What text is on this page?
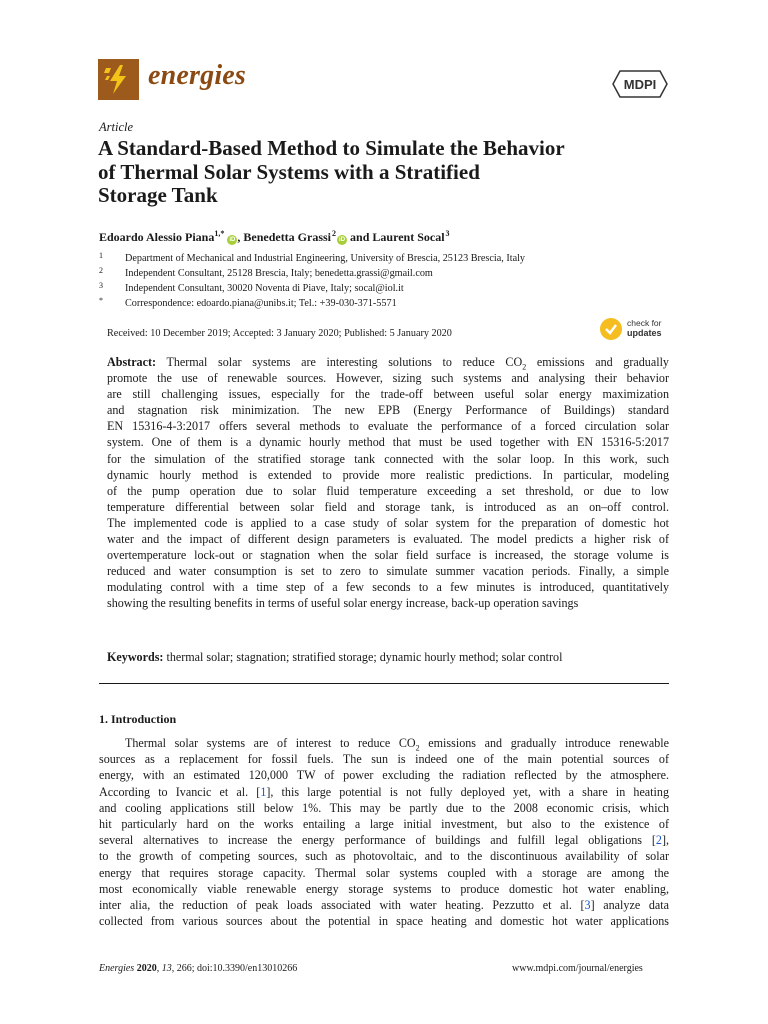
energies	MDPI
Article
A Standard-Based Method to Simulate the Behavior
of Thermal Solar Systems with a Stratified
Storage Tank
Edoardo Alessio Piana$^{1,*}$ iD , Benedetta Grassi $^2$ iD and Laurent Socal $^3$
1 Department of Mechanical and Industrial Engineering, University of Brescia, 25123 Brescia, Italy
2 Independent Consultant, 25128 Brescia, Italy; benedetta.grassi@gmail.com
3 Independent Consultant, 30020 Noventa di Piave, Italy; socal@iol.it
* Correspondence: edoardo.piana@unibs.it; Tel.: +39-030-371-5571
Received: 10 December 2019; Accepted: 3 January 2020; Published: 5 January 2020
check for
updates
Abstract: Thermal solar systems are interesting solutions to reduce $CO_2$ emissions and gradually
promote the use of renewable sources. However, sizing such systems and analysing their behavior
are still challenging issues, especially for the trade-off between useful solar energy maximization
and stagnation risk minimization. The new EPB (Energy Performance of Buildings) standard
EN 15316-4-3:2017 offers several methods to evaluate the performance of a forced circulation solar
system. One of them is a dynamic hourly method that must be used together with EN 15316-5:2017
for the simulation of the stratified storage tank connected with the solar loop. In this work, such
dynamic hourly method is extended to provide more realistic predictions. In particular, modeling
of the pump operation due to solar fluid temperature exceeding a set threshold, or due to low
temperature differential between solar field and storage tank, is introduced as an on–off control.
The implemented code is applied to a case study of solar system for the preparation of domestic hot
water and the impact of different design parameters is evaluated. The model predicts a higher risk of
overtemperature lock-out or stagnation when the solar field surface is increased, the storage volume is
reduced and water consumption is set to zero to simulate summer vacation periods. Finally, a simple
modulating control with a time step of a few seconds to a few minutes is introduced, quantitatively
showing the resulting benefits in terms of useful solar energy increase, back-up operation savings
Keywords: thermal solar; stagnation; stratified storage; dynamic hourly method; solar control
1. Introduction
Thermal solar systems are of interest to reduce $CO_2$ emissions and gradually introduce renewable
sources as a replacement for fossil fuels. The sun is indeed one of the main potential sources of
energy, with an estimated 120,000 TW of power excluding the radiation reflected by the atmosphere.
According to Ivancic et al. [1], this large potential is not fully deployed yet, with a share in heating
and cooling applications still below 1%. This may be partly due to the 2008 economic crisis, which
hit particularly hard on the works entailing a large initial investment, but also to the existence of
several alternatives to increase the energy performance of buildings and fulfill legal obligations [2],
to the growth of competing sources, such as photovoltaic, and to the discontinuous availability of solar
energy that requires storage capacity. Thermal solar systems coupled with a storage are among the
most economically viable renewable energy storage systems to produce domestic hot water enabling,
inter alia, the reduction of peak loads associated with water heating. Pezzutto et al. [3] analyze data
collected from various sources about the potential in space heating and domestic hot water applications
Energies 2020, 13, 266; doi:10.3390/en13010266	www.mdpi.com/journal/energies
